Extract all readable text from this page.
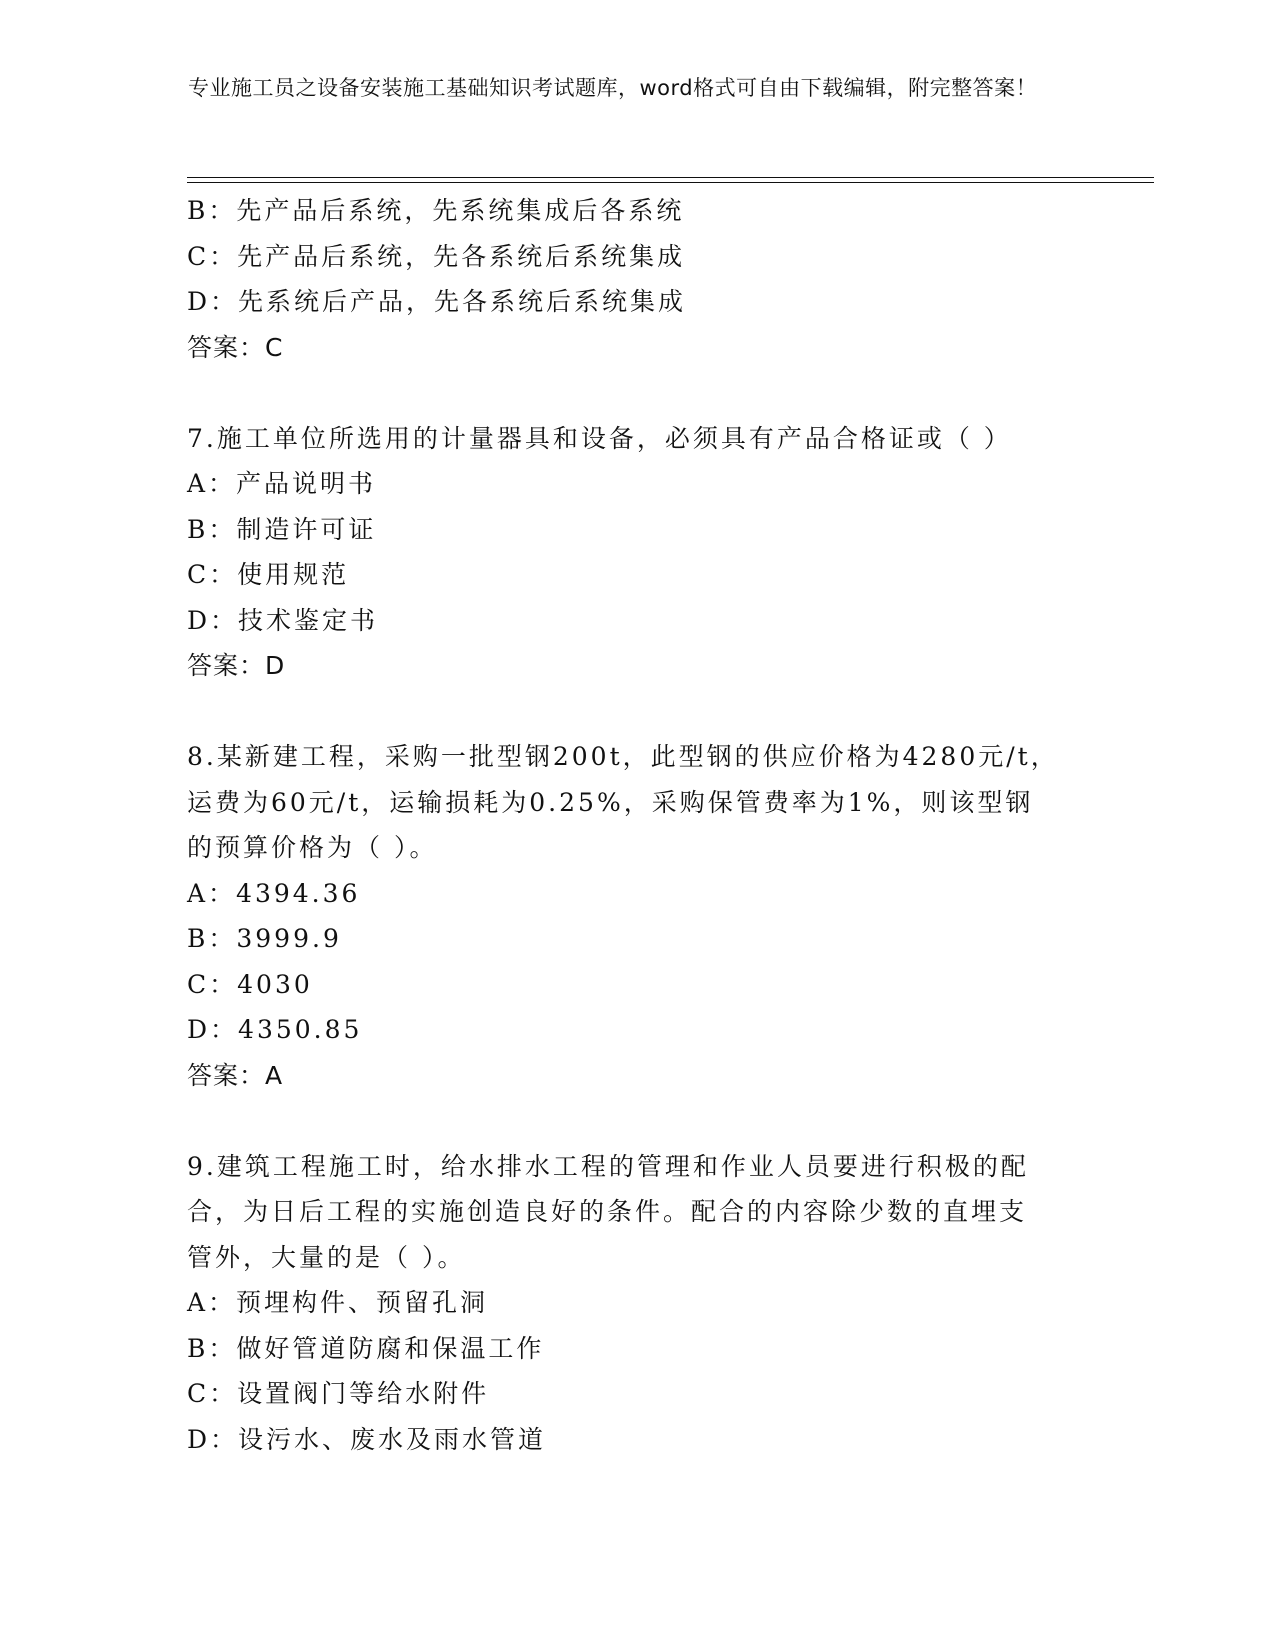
专业施工员之设备安装施工基础知识考试题库，word格式可自由下载编辑，附完整答案！
B：先产品后系统，先系统集成后各系统
C：先产品后系统，先各系统后系统集成
D：先系统后产品，先各系统后系统集成
答案：C
7.施工单位所选用的计量器具和设备，必须具有产品合格证或（ ）
A：产品说明书
B：制造许可证
C：使用规范
D：技术鉴定书
答案：D
8.某新建工程，采购一批型钢200t，此型钢的供应价格为4280元/t，
运费为60元/t，运输损耗为0.25%，采购保管费率为1%，则该型钢
的预算价格为（ ）。
A：4394.36
B：3999.9
C：4030
D：4350.85
答案：A
9.建筑工程施工时，给水排水工程的管理和作业人员要进行积极的配
合，为日后工程的实施创造良好的条件。配合的内容除少数的直埋支
管外，大量的是（ ）。
A：预埋构件、预留孔洞
B：做好管道防腐和保温工作
C：设置阀门等给水附件
D：设污水、废水及雨水管道
